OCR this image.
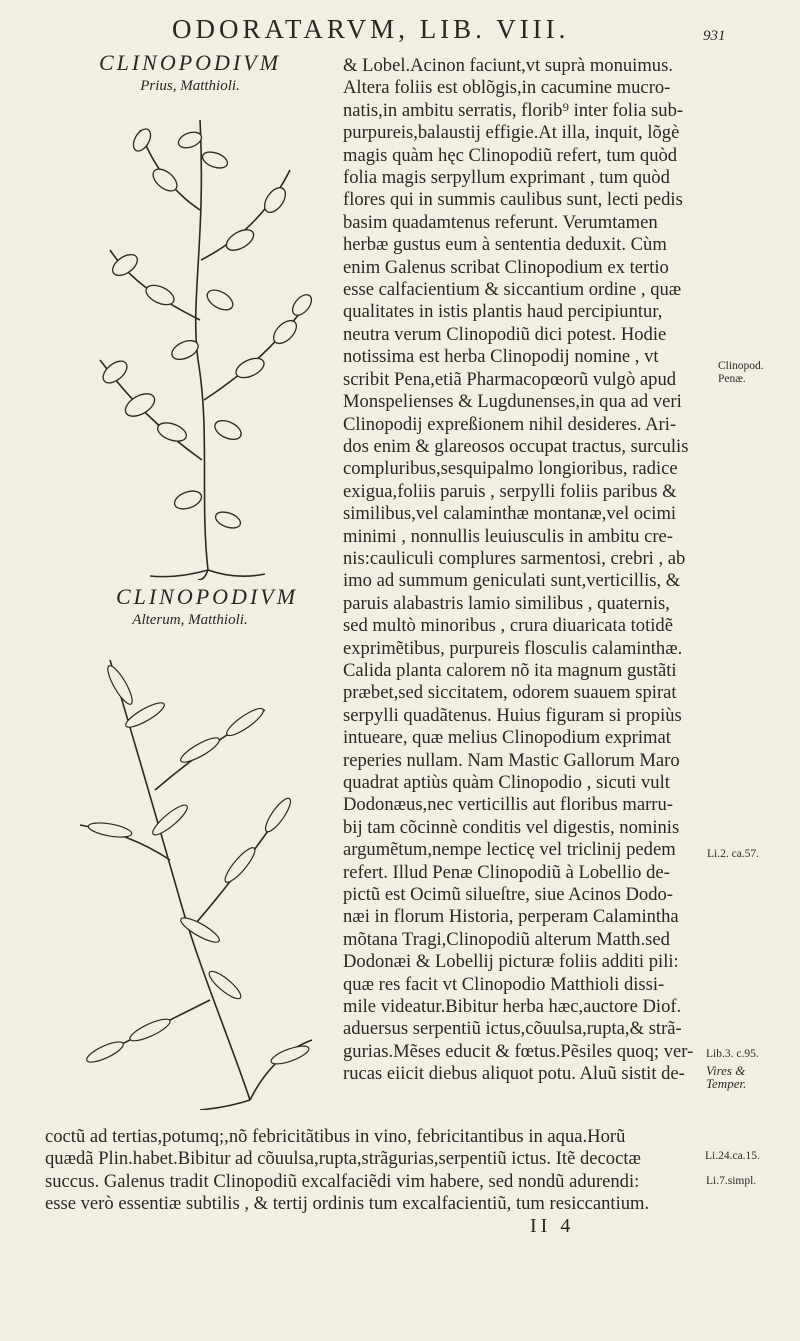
ODORATARVM, LIB. VIII.	931
CLINOPODIVM
Prius, Matthioli.
CLINOPODIVM
Alterum, Matthioli.
& Lobel.Acinon faciunt,vt suprà monuimus.
Altera foliis est oblõgis,in cacumine mucro-
natis,in ambitu serratis, florib⁹ inter folia sub-
purpureis,balaustij effigie.At illa, inquit, lõgè
magis quàm hęc Clinopodiũ refert, tum quòd
folia magis serpyllum exprimant , tum quòd
flores qui in summis caulibus sunt, lecti pedis
basim quadamtenus referunt. Verumtamen
herbæ gustus eum à sententia deduxit. Cùm
enim Galenus scribat Clinopodium ex tertio
esse calfacientium & siccantium ordine , quæ
qualitates in istis plantis haud percipiuntur,
neutra verum Clinopodiũ dici potest. Hodie
notissima est herba Clinopodij nomine , vt
scribit Pena,etiã Pharmacopœorũ vulgò apud
Monspelienses & Lugdunenses,in qua ad veri
Clinopodij expreßionem nihil desideres. Ari-
dos enim & glareosos occupat tractus, surculis
compluribus,sesquipalmo longioribus, radice
exigua,foliis paruis , serpylli foliis paribus &
similibus,vel calaminthæ montanæ,vel ocimi
minimi , nonnullis leuiusculis in ambitu cre-
nis:cauliculi complures sarmentosi, crebri , ab
imo ad summum geniculati sunt,verticillis, &
paruis alabastris lamio similibus , quaternis,
sed multò minoribus , crura diuaricata totidẽ
exprimẽtibus, purpureis flosculis calaminthæ.
Calida planta calorem nõ ita magnum gustãti
præbet,sed siccitatem, odorem suauem spirat
serpylli quadãtenus. Huius figuram si propiùs
intueare, quæ melius Clinopodium exprimat
reperies nullam. Nam Mastic Gallorum Maro
quadrat aptiùs quàm Clinopodio , sicuti vult
Dodonæus,nec verticillis aut floribus marru-
bij tam cõcinnè conditis vel digestis, nominis
argumẽtum,nempe lecticę vel triclinij pedem
refert. Illud Penæ Clinopodiũ à Lobellio de-
pictũ est Ocimũ silueſtre, siue Acinos Dodo-
næi in florum Historia, perperam Calamintha
mõtana Tragi,Clinopodiũ alterum Matth.sed
Dodonæi & Lobellij picturæ foliis additi pili:
quæ res facit vt Clinopodio Matthioli dissi-
mile videatur.Bibitur herba hæc,auctore Diof.
aduersus serpentiũ ictus,cõuulsa,rupta,& strã-
gurias.Mẽses educit & fœtus.Pẽsiles quoq; ver-
rucas eiicit diebus aliquot potu. Aluũ sistit de-
coctũ ad tertias,potumq;,nõ febricitãtibus in vino, febricitantibus in aqua.Horũ
quædã Plin.habet.Bibitur ad cõuulsa,rupta,strãgurias,serpentiũ ictus. Itẽ decoctæ
succus. Galenus tradit Clinopodiũ excalfaciẽdi vim habere, sed nondũ adurendi:
esse verò essentiæ subtilis , & tertij ordinis tum excalfacientiũ, tum resiccantium.
II 4
Clinopod.
Penæ.
Li.2. ca.57.
Lib.3. c.95.
Vires &
Temper.
Li.24.ca.15.
Li.7.simpl.
